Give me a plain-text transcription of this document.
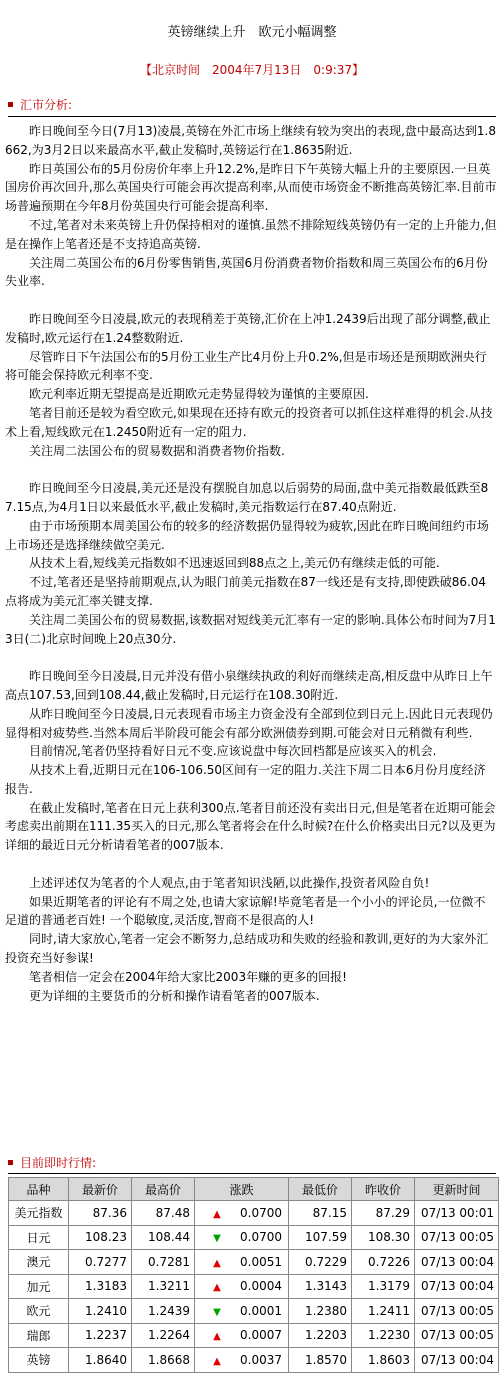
英镑继续上升　欧元小幅调整
【北京时间　2004年7月13日　0:9:37】
汇市分析:

昨日晚间至今日(7月13)凌晨,英镑在外汇市场上继续有较为突出的表现,盘中最高达到1.8662,为3月2日以来最高水平,截止发稿时,英镑运行在1.8635附近.

昨日英国公布的5月份房价年率上升12.2%,是昨日下午英镑大幅上升的主要原因.一旦英国房价再次回升,那么英国央行可能会再次提高利率,从而使市场资金不断推高英镑汇率.目前市场普遍预期在今年8月份英国央行可能会提高利率.

不过,笔者对未来英镑上升仍保持相对的谨慎.虽然不排除短线英镑仍有一定的上升能力,但是在操作上笔者还是不支持追高英镑.

关注周二英国公布的6月份零售销售,英国6月份消费者物价指数和周三英国公布的6月份失业率.

昨日晚间至今日凌晨,欧元的表现稍差于英镑,汇价在上冲1.2439后出现了部分调整,截止发稿时,欧元运行在1.24整数附近.

尽管昨日下午法国公布的5月份工业生产比4月份上升0.2%,但是市场还是预期欧洲央行将可能会保持欧元利率不变.

欧元利率近期无望提高是近期欧元走势显得较为谨慎的主要原因.

笔者目前还是较为看空欧元,如果现在还持有欧元的投资者可以抓住这样难得的机会.从技术上看,短线欧元在1.2450附近有一定的阻力.

关注周二法国公布的贸易数据和消费者物价指数.

昨日晚间至今日凌晨,美元还是没有摆脱自加息以后弱势的局面,盘中美元指数最低跌至87.15点,为4月1日以来最低水平,截止发稿时,美元指数运行在87.40点附近.

由于市场预期本周美国公布的较多的经济数据仍显得较为疲软,因此在昨日晚间纽约市场上市场还是选择继续做空美元.

从技术上看,短线美元指数如不迅速返回到88点之上,美元仍有继续走低的可能.

不过,笔者还是坚持前期观点,认为眼门前美元指数在87一线还是有支持,即使跌破86.04点将成为美元汇率关键支撑.

关注周二美国公布的贸易数据,该数据对短线美元汇率有一定的影响.具体公布时间为7月13日(二)北京时间晚上20点30分.

昨日晚间至今日凌晨,日元并没有借小泉继续执政的利好而继续走高,相反盘中从昨日上午高点107.53,回到108.44,截止发稿时,日元运行在108.30附近.

从昨日晚间至今日凌晨,日元表现看市场主力资金没有全部到位到日元上.因此日元表现仍显得相对疲势些.当然本周后半阶段可能会有部分欧洲债券到期.可能会对日元稍微有利些.

目前情况,笔者仍坚持看好日元不变.应该说盘中每次回档都是应该买入的机会.

从技术上看,近期日元在106-106.50区间有一定的阻力.关注下周二日本6月份月度经济报告.

在截止发稿时,笔者在日元上获利300点.笔者目前还没有卖出日元,但是笔者在近期可能会考虑卖出前期在111.35买入的日元,那么笔者将会在什么时候?在什么价格卖出日元?以及更为详细的最近日元分析请看笔者的007版本.

上述评述仅为笔者的个人观点,由于笔者知识浅陋,以此操作,投资者风险自负!

如果近期笔者的评论有不周之处,也请大家谅解!毕竟笔者是一个小小的评论员,一位微不足道的普通老百姓! 一个聪敏度,灵活度,智商不是很高的人!

同时,请大家放心,笔者一定会不断努力,总结成功和失败的经验和教训,更好的为大家外汇投资充当好参谋!

笔者相信一定会在2004年给大家比2003年赚的更多的回报!

更为详细的主要货币的分析和操作请看笔者的007版本.

目前即时行情:
品种	最新价	最高价	涨跌	最低价	昨收价	更新时间
美元指数	87.36	87.48	▲ 0.0700	87.15	87.29	07/13 00:01
日元	108.23	108.44	▼ 0.0700	107.59	108.30	07/13 00:05
澳元	0.7277	0.7281	▲ 0.0051	0.7229	0.7226	07/13 00:04
加元	1.3183	1.3211	▲ 0.0004	1.3143	1.3179	07/13 00:04
欧元	1.2410	1.2439	▼ 0.0001	1.2380	1.2411	07/13 00:05
瑞郎	1.2237	1.2264	▲ 0.0007	1.2203	1.2230	07/13 00:05
英镑	1.8640	1.8668	▲ 0.0037	1.8570	1.8603	07/13 00:04
